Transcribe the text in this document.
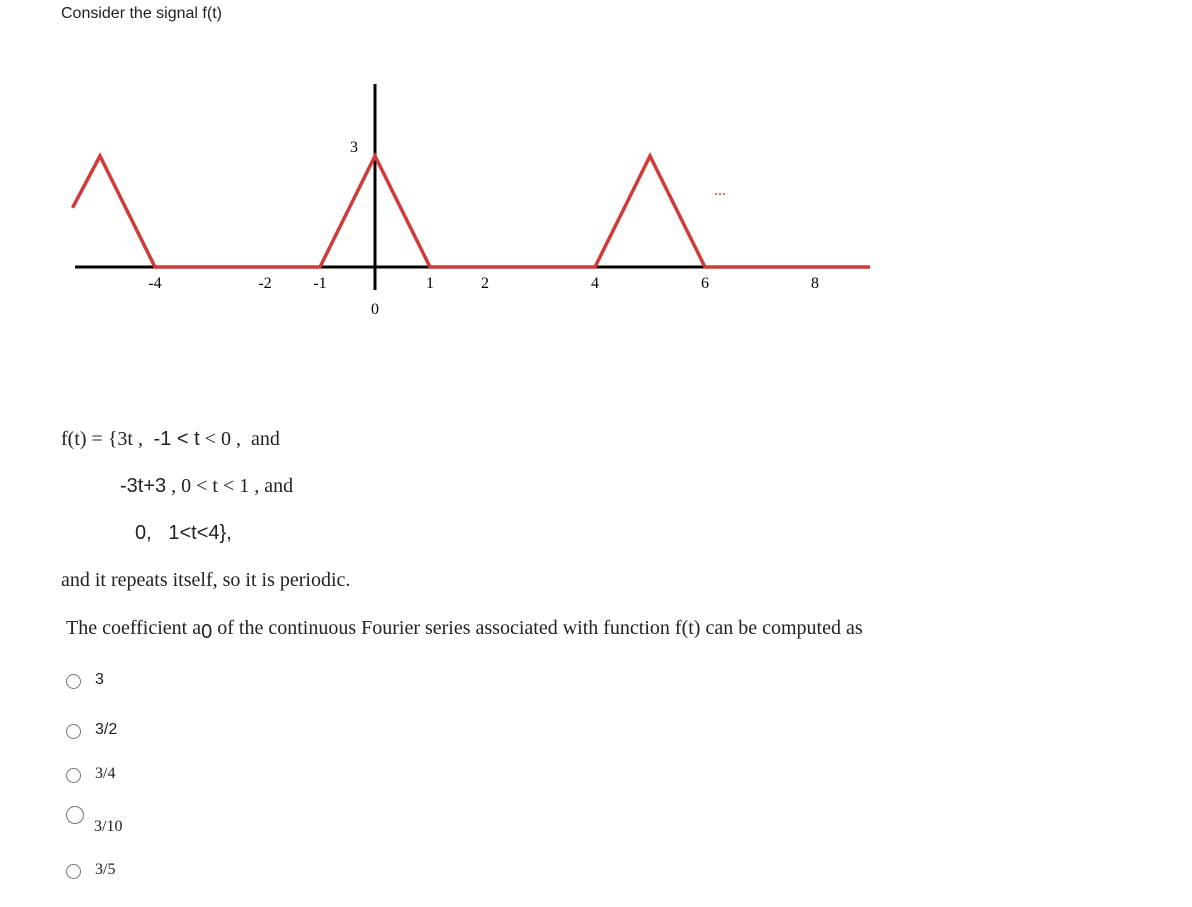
Consider the signal f(t)
-4	-2	-1	1	2	4	6	8
0
3
...
f(t) = {3t ,  -1 < t < 0 ,  and
-3t+3 , 0 < t < 1 , and
0,   1<t<4},
and it repeats itself, so it is periodic.
The coefficient a0 of the continuous Fourier series associated with function f(t) can be computed as
3
3/2
3/4
3/10
3/5
